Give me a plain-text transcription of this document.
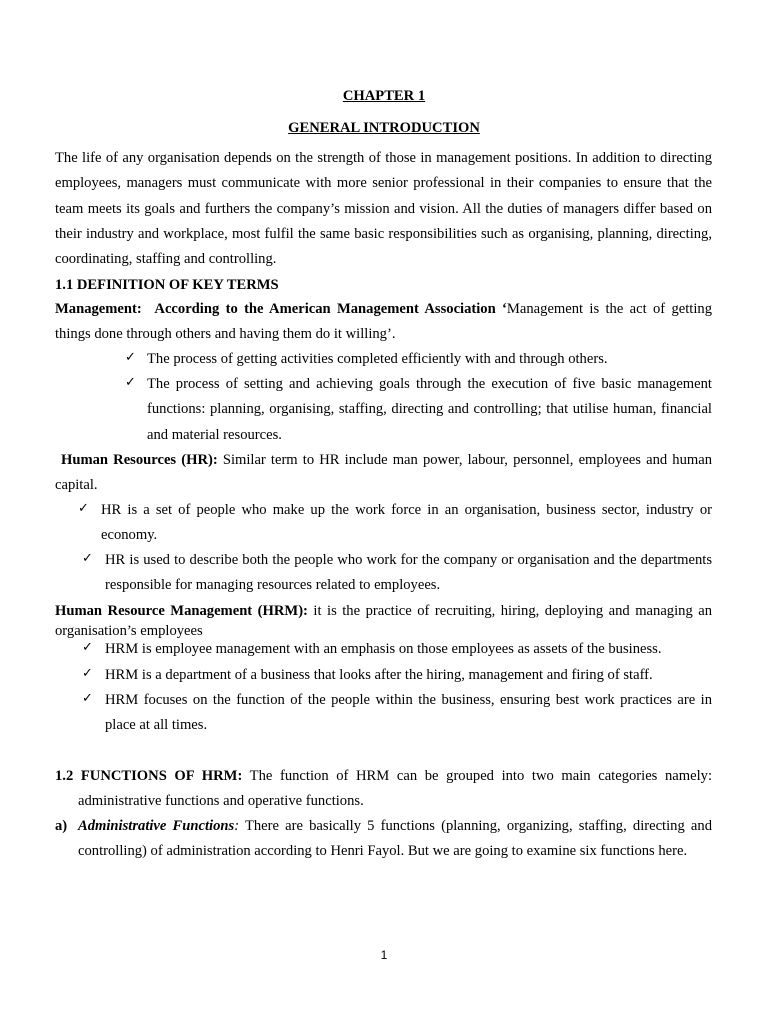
CHAPTER 1
GENERAL INTRODUCTION
The life of any organisation depends on the strength of those in management positions. In addition to directing employees, managers must communicate with more senior professional in their companies to ensure that the team meets its goals and furthers the company’s mission and vision. All the duties of managers differ based on their industry and workplace, most fulfil the same basic responsibilities such as organising, planning, directing, coordinating, staffing and controlling.
1.1 DEFINITION OF KEY TERMS
Management: According to the American Management Association ‘Management is the act of getting things done through others and having them do it willing’.
✓ The process of getting activities completed efficiently with and through others.
✓ The process of setting and achieving goals through the execution of five basic management functions: planning, organising, staffing, directing and controlling; that utilise human, financial and material resources.
Human Resources (HR): Similar term to HR include man power, labour, personnel, employees and human capital.
✓ HR is a set of people who make up the work force in an organisation, business sector, industry or economy.
✓ HR is used to describe both the people who work for the company or organisation and the departments responsible for managing resources related to employees.
Human Resource Management (HRM): it is the practice of recruiting, hiring, deploying and managing an organisation’s employees
✓ HRM is employee management with an emphasis on those employees as assets of the business.
✓ HRM is a department of a business that looks after the hiring, management and firing of staff.
✓ HRM focuses on the function of the people within the business, ensuring best work practices are in place at all times.
1.2 FUNCTIONS OF HRM: The function of HRM can be grouped into two main categories namely: administrative functions and operative functions.
a) Administrative Functions: There are basically 5 functions (planning, organizing, staffing, directing and controlling) of administration according to Henri Fayol. But we are going to examine six functions here.
1
